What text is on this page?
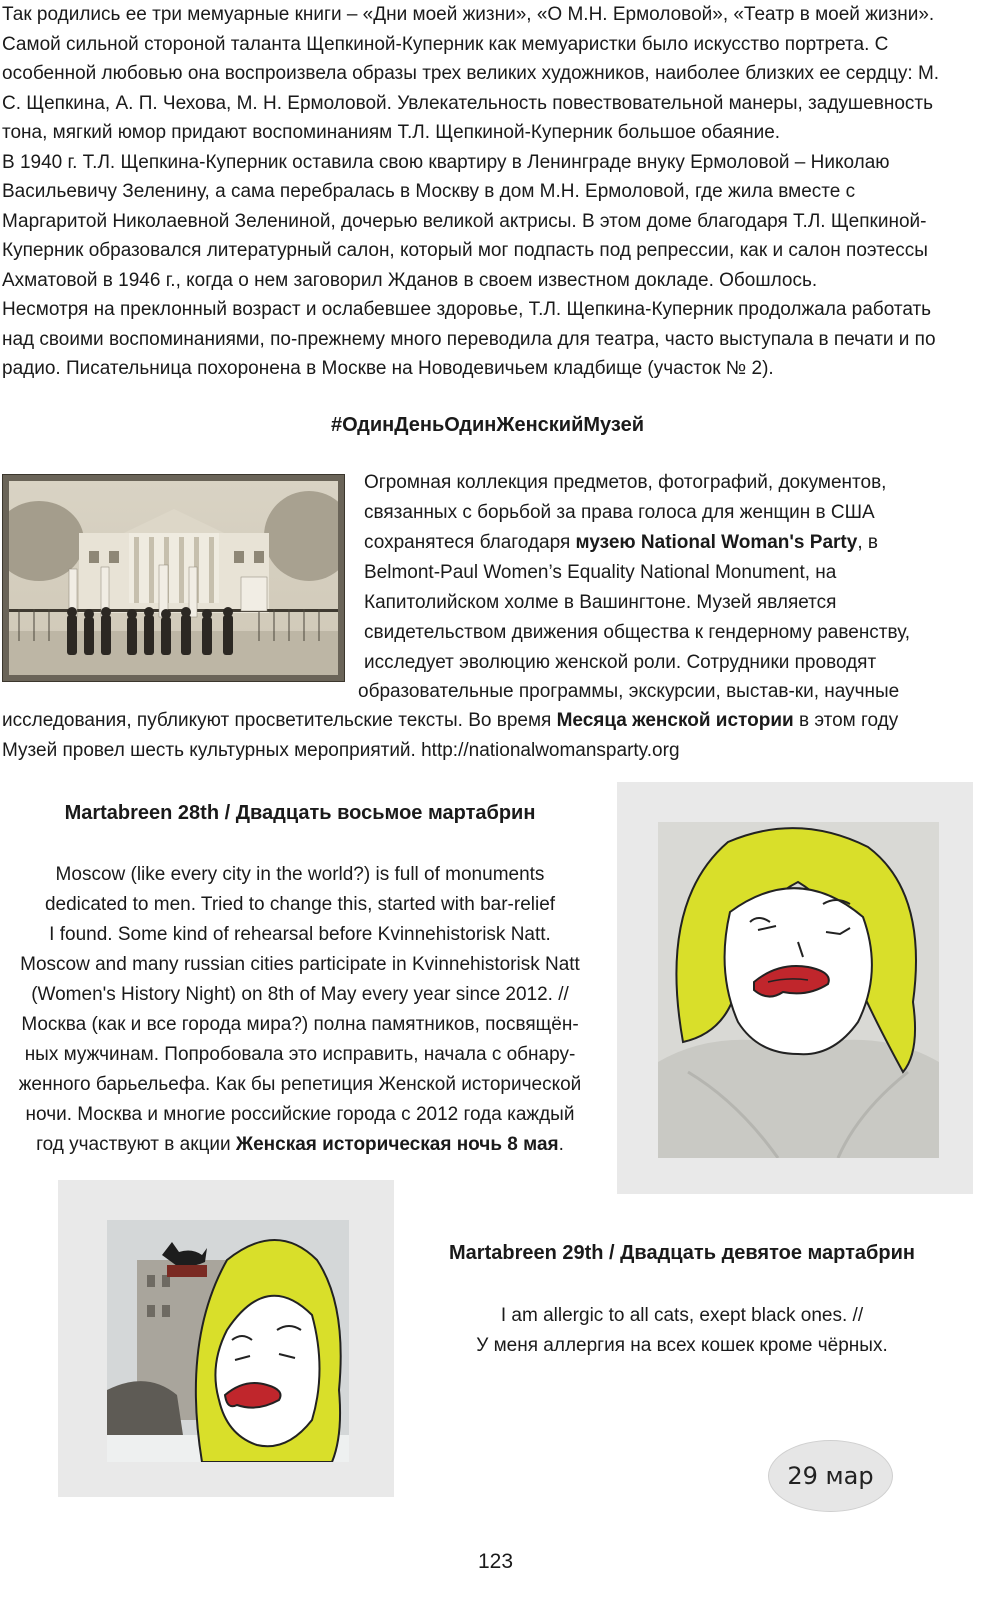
Так родились ее три мемуарные книги – «Дни моей жизни», «О М.Н. Ермоловой», «Театр в моей жизни».
Самой сильной стороной таланта Щепкиной-Куперник как мемуаристки было искусство портрета. С
особенной любовью она воспроизвела образы трех великих художников, наиболее близких ее сердцу: М.
С. Щепкина, А. П. Чехова, М. Н. Ермоловой. Увлекательность повествовательной манеры, задушевность
тона, мягкий юмор придают воспоминаниям Т.Л. Щепкиной-Куперник большое обаяние.
В 1940 г. Т.Л. Щепкина-Куперник оставила свою квартиру в Ленинграде внуку Ермоловой – Николаю
Васильевичу Зеленину, а сама перебралась в Москву в дом М.Н. Ермоловой, где жила вместе с
Маргаритой Николаевной Зелениной, дочерью великой актрисы. В этом доме благодаря Т.Л. Щепкиной-
Куперник образовался литературный салон, который мог подпасть под репрессии, как и салон поэтессы
Ахматовой в 1946 г., когда о нем заговорил Жданов в своем известном докладе. Обошлось.
Несмотря на преклонный возраст и ослабевшее здоровье, Т.Л. Щепкина-Куперник продолжала работать
над своими воспоминаниями, по-прежнему много переводила для театра, часто выступала в печати и по
радио. Писательница похоронена в Москве на Новодевичьем кладбище (участок № 2).
#ОдинДеньОдинЖенскийМузей
Огромная коллекция предметов, фотографий, документов,
связанных с борьбой за права голоса для женщин в США
сохранятеся благодаря музею National Woman's Party, в
Belmont-Paul Women’s Equality National Monument, на
Капитолийском холме в Вашингтоне. Музей является
свидетельством движения общества к гендерному равенству,
исследует эволюцию женской роли. Сотрудники проводят
образовательные программы, экскурсии, выстав-ки, научные
исследования, публикуют просветительские тексты. Во время Месяца женской истории в этом году
Музей провел шесть культурных мероприятий. http://nationalwomansparty.org
Martabreen 28th / Двадцать восьмое мартабрин
Moscow (like every city in the world?) is full of monuments
dedicated to men. Tried to change this, started with bar-relief
I found. Some kind of rehearsal before Kvinnehistorisk Natt.
Moscow and many russian cities participate in Kvinnehistorisk Natt
(Women's History Night) on 8th of May every year since 2012. //
Москва (как и все города мира?) полна памятников, посвящён-
ных мужчинам. Попробовала это исправить, начала с обнару-
женного барьельефа. Как бы репетиция Женской исторической
ночи. Москва и многие российские города с 2012 года каждый
год участвуют в акции Женская историческая ночь 8 мая.
Martabreen 29th / Двадцать девятое мартабрин
I am allergic to all cats, exept black ones. //
У меня аллергия на всех кошек кроме чёрных.
29 мар
123
